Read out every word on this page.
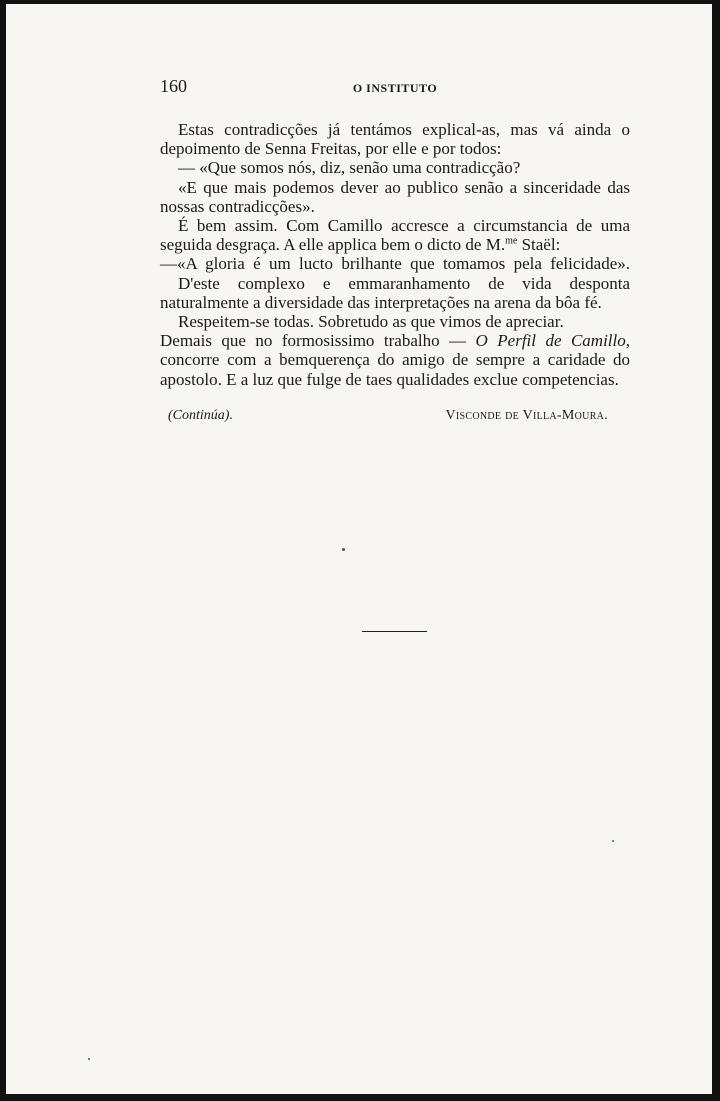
160	O INSTITUTO

Estas contradicções já tentámos explical-as, mas vá ainda o depoimento de Senna Freitas, por elle e por todos:

— «Que somos nós, diz, senão uma contradicção?

«E que mais podemos dever ao publico senão a sinceridade das nossas contradicções».

É bem assim. Com Camillo accresce a circumstancia de uma seguida desgraça. A elle applica bem o dicto de M.$^{me}$ Staël:

—«A gloria é um lucto brilhante que tomamos pela felicidade».

D'este complexo e emmaranhamento de vida desponta naturalmente a diversidade das interpretações na arena da bôa fé.

Respeitem-se todas. Sobretudo as que vimos de apreciar.

Demais que no formosissimo trabalho — O Perfil de Camillo, concorre com a bemquerença do amigo de sempre a caridade do apostolo. E a luz que fulge de taes qualidades exclue competencias.

(Continúa).	Visconde de Villa-Moura.
